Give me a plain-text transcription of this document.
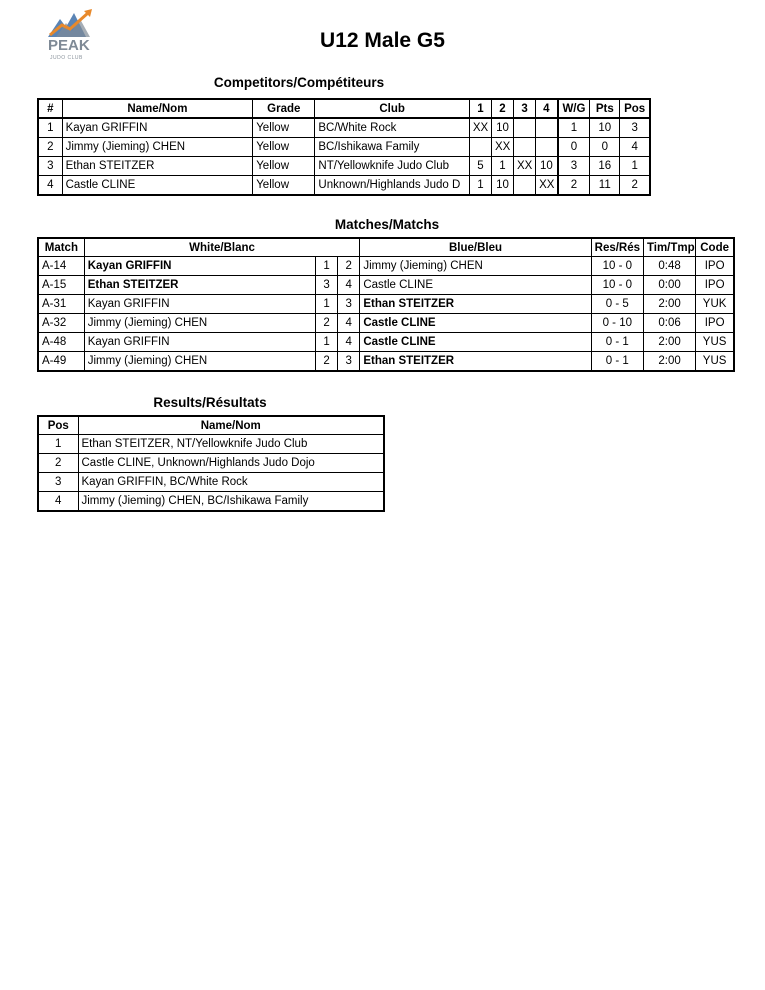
PEAK
JUDO CLUB
U12 Male G5
Competitors/Compétiteurs
#	Name/Nom	Grade	Club	1	2	3	4	W/G	Pts	Pos
1	Kayan GRIFFIN	Yellow	BC/White Rock	XX	10			1	10	3
2	Jimmy (Jieming) CHEN	Yellow	BC/Ishikawa Family		XX			0	0	4
3	Ethan STEITZER	Yellow	NT/Yellowknife Judo Club	5	1	XX	10	3	16	1
4	Castle CLINE	Yellow	Unknown/Highlands Judo D	1	10		XX	2	11	2
Matches/Matchs
Match	White/Blanc			Blue/Bleu	Res/Rés	Tim/Tmp	Code
A-14	Kayan GRIFFIN	1	2	Jimmy (Jieming) CHEN	10 - 0	0:48	IPO
A-15	Ethan STEITZER	3	4	Castle CLINE	10 - 0	0:00	IPO
A-31	Kayan GRIFFIN	1	3	Ethan STEITZER	0 - 5	2:00	YUK
A-32	Jimmy (Jieming) CHEN	2	4	Castle CLINE	0 - 10	0:06	IPO
A-48	Kayan GRIFFIN	1	4	Castle CLINE	0 - 1	2:00	YUS
A-49	Jimmy (Jieming) CHEN	2	3	Ethan STEITZER	0 - 1	2:00	YUS
Results/Résultats
Pos	Name/Nom
1	Ethan STEITZER, NT/Yellowknife Judo Club
2	Castle CLINE, Unknown/Highlands Judo Dojo
3	Kayan GRIFFIN, BC/White Rock
4	Jimmy (Jieming) CHEN, BC/Ishikawa Family
